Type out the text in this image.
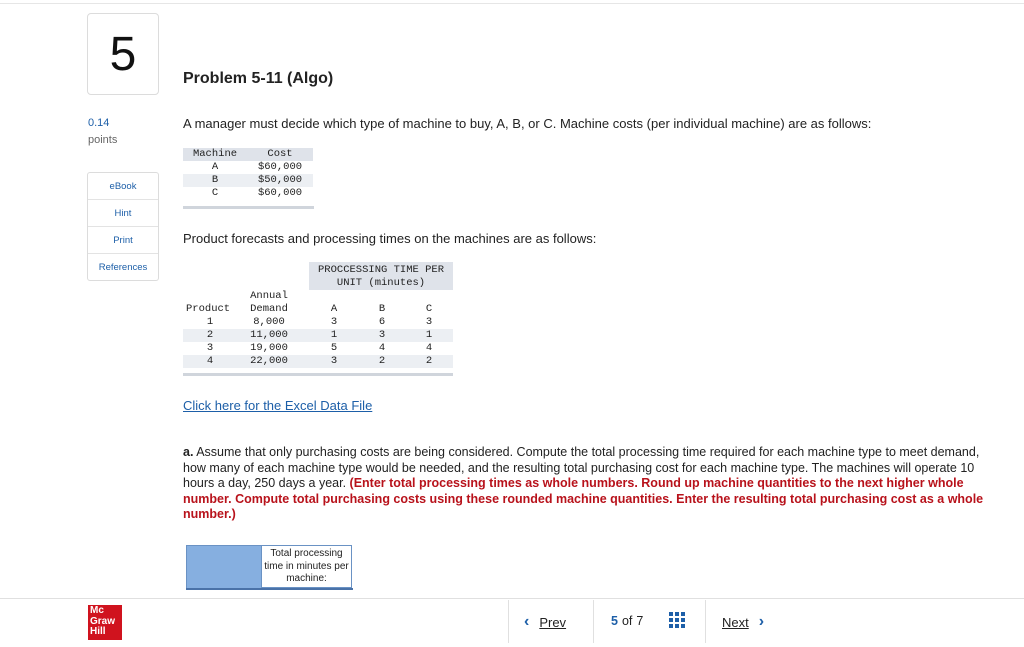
5
0.14
points
eBook
Hint
Print
References
Problem 5-11 (Algo)
A manager must decide which type of machine to buy, A, B, or C. Machine costs (per individual machine) are as follows:
Machine	Cost
A	$60,000
B	$50,000
C	$60,000
Product forecasts and processing times on the machines are as follows:
PROCCESSING TIME PER
UNIT (minutes)
Annual
Product	Demand	A	B	C
1	8,000	3	6	3
2	11,000	1	3	1
3	19,000	5	4	4
4	22,000	3	2	2
Click here for the Excel Data File
a. Assume that only purchasing costs are being considered. Compute the total processing time required for each machine type to meet demand, how many of each machine type would be needed, and the resulting total purchasing cost for each machine type. The machines will operate 10 hours a day, 250 days a year. (Enter total processing times as whole numbers. Round up machine quantities to the next higher whole number. Compute total purchasing costs using these rounded machine quantities. Enter the resulting total purchasing cost as a whole number.)
Total processing time in minutes per machine:
Mc
Graw
Hill
‹ Prev	5 of 7	Next ›
